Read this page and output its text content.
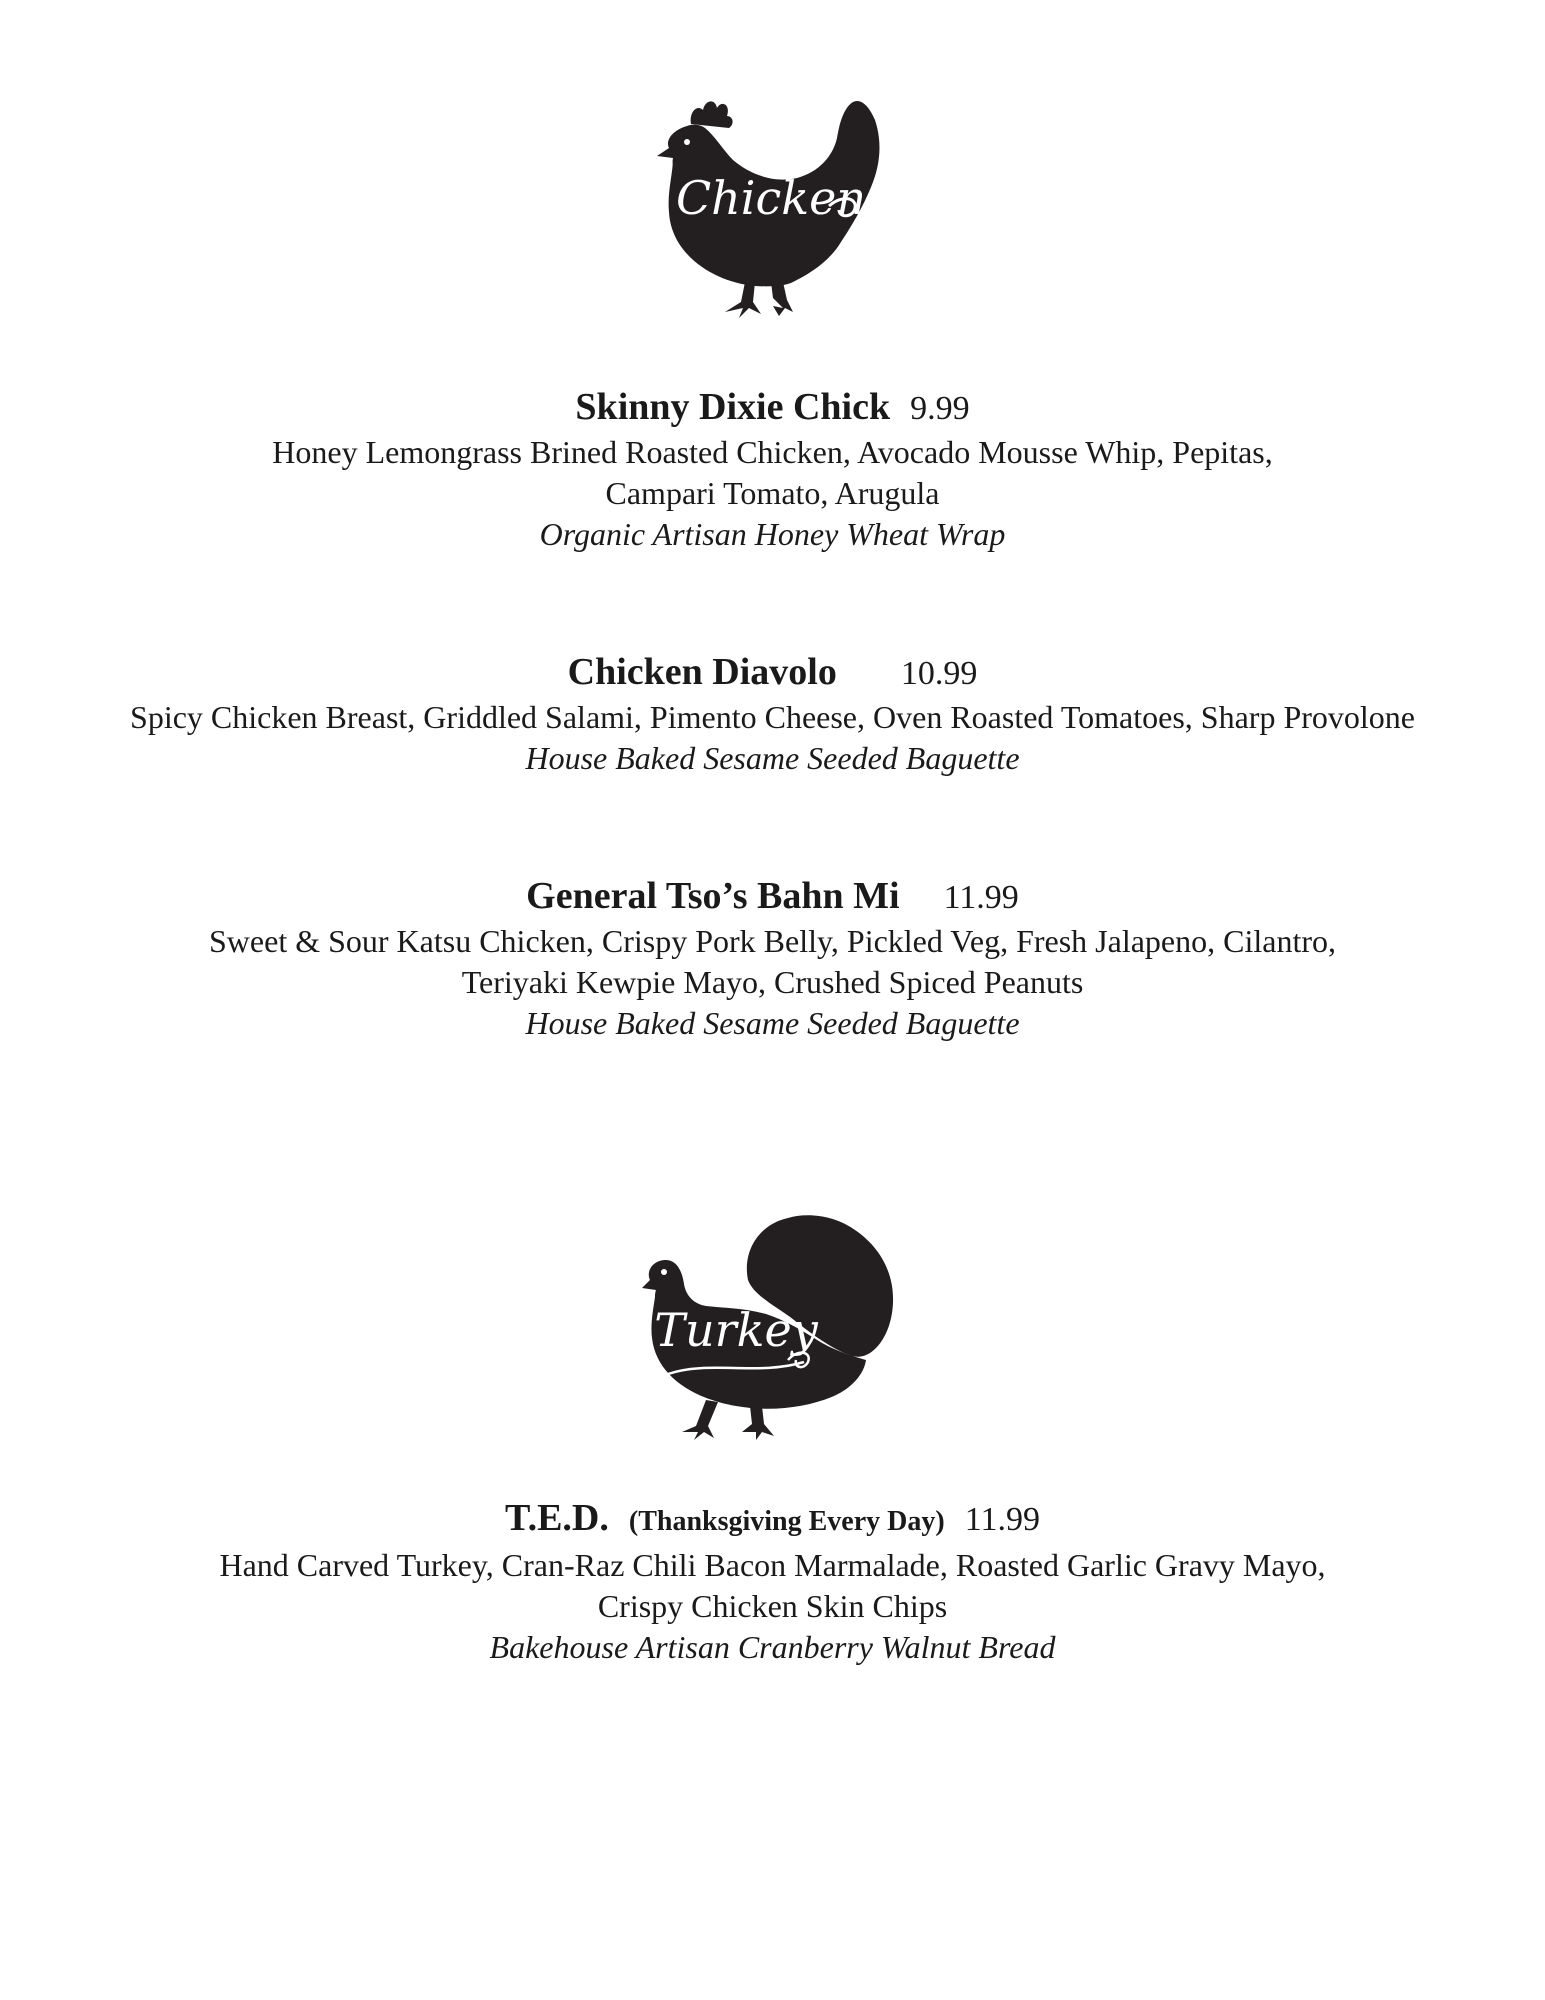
Chicken
Skinny Dixie Chick 9.99
Honey Lemongrass Brined Roasted Chicken, Avocado Mousse Whip, Pepitas,
Campari Tomato, Arugula
Organic Artisan Honey Wheat Wrap
Chicken Diavolo 10.99
Spicy Chicken Breast, Griddled Salami, Pimento Cheese, Oven Roasted Tomatoes, Sharp Provolone
House Baked Sesame Seeded Baguette
General Tso’s Bahn Mi 11.99
Sweet & Sour Katsu Chicken, Crispy Pork Belly, Pickled Veg, Fresh Jalapeno, Cilantro,
Teriyaki Kewpie Mayo, Crushed Spiced Peanuts
House Baked Sesame Seeded Baguette
Turkey
T.E.D. (Thanksgiving Every Day) 11.99
Hand Carved Turkey, Cran-Raz Chili Bacon Marmalade, Roasted Garlic Gravy Mayo,
Crispy Chicken Skin Chips
Bakehouse Artisan Cranberry Walnut Bread
